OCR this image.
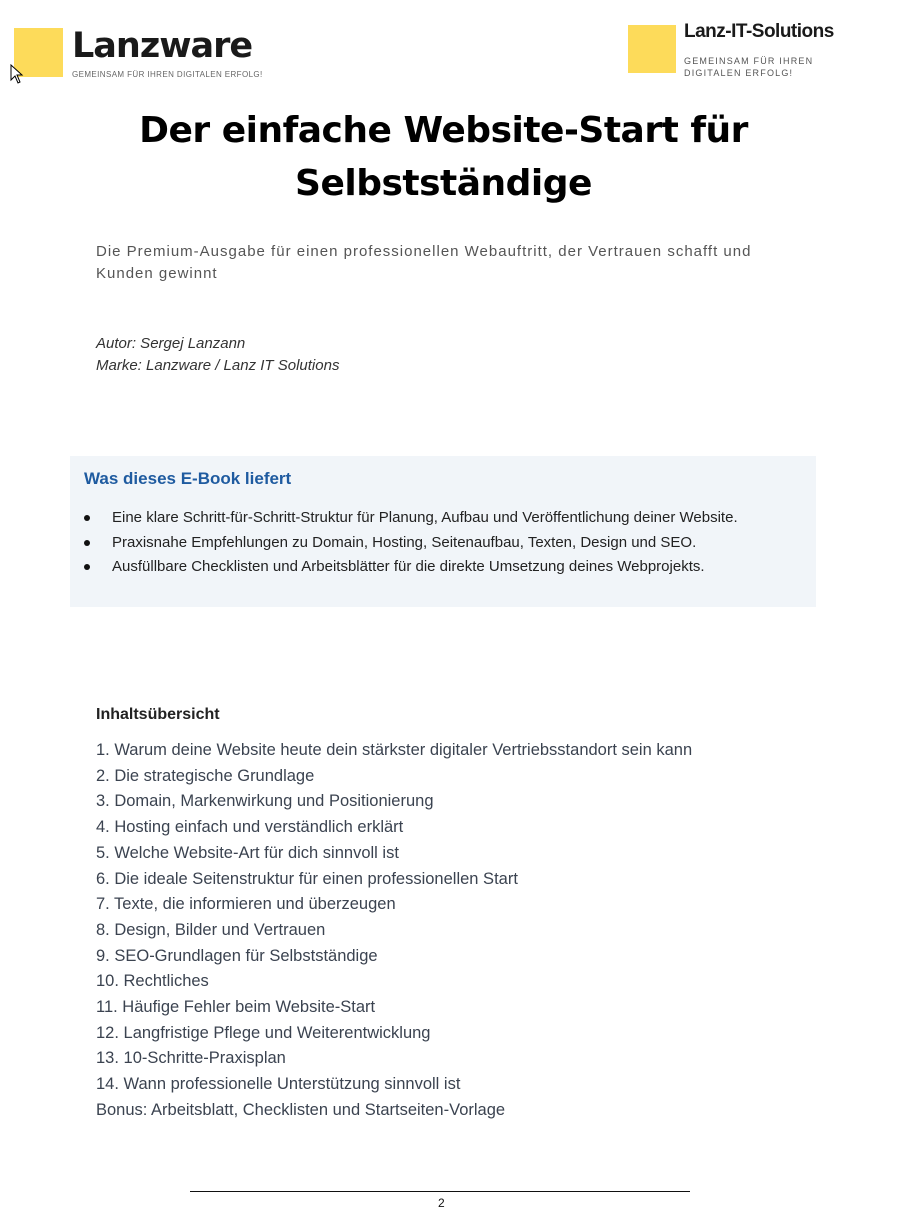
Lanzware
GEMEINSAM FÜR IHREN DIGITALEN ERFOLG!
Lanz-IT-Solutions
GEMEINSAM FÜR IHREN DIGITALEN ERFOLG!
Der einfache Website-Start für Selbstständige
Die Premium-Ausgabe für einen professionellen Webauftritt, der Vertrauen schafft und Kunden gewinnt
Autor: Sergej Lanzann
Marke: Lanzware / Lanz IT Solutions
Was dieses E-Book liefert
Eine klare Schritt-für-Schritt-Struktur für Planung, Aufbau und Veröffentlichung deiner Website.
Praxisnahe Empfehlungen zu Domain, Hosting, Seitenaufbau, Texten, Design und SEO.
Ausfüllbare Checklisten und Arbeitsblätter für die direkte Umsetzung deines Webprojekts.
Inhaltsübersicht
1. Warum deine Website heute dein stärkster digitaler Vertriebsstandort sein kann
2. Die strategische Grundlage
3. Domain, Markenwirkung und Positionierung
4. Hosting einfach und verständlich erklärt
5. Welche Website-Art für dich sinnvoll ist
6. Die ideale Seitenstruktur für einen professionellen Start
7. Texte, die informieren und überzeugen
8. Design, Bilder und Vertrauen
9. SEO-Grundlagen für Selbstständige
10. Rechtliches
11. Häufige Fehler beim Website-Start
12. Langfristige Pflege und Weiterentwicklung
13. 10-Schritte-Praxisplan
14. Wann professionelle Unterstützung sinnvoll ist
Bonus: Arbeitsblatt, Checklisten und Startseiten-Vorlage
2
